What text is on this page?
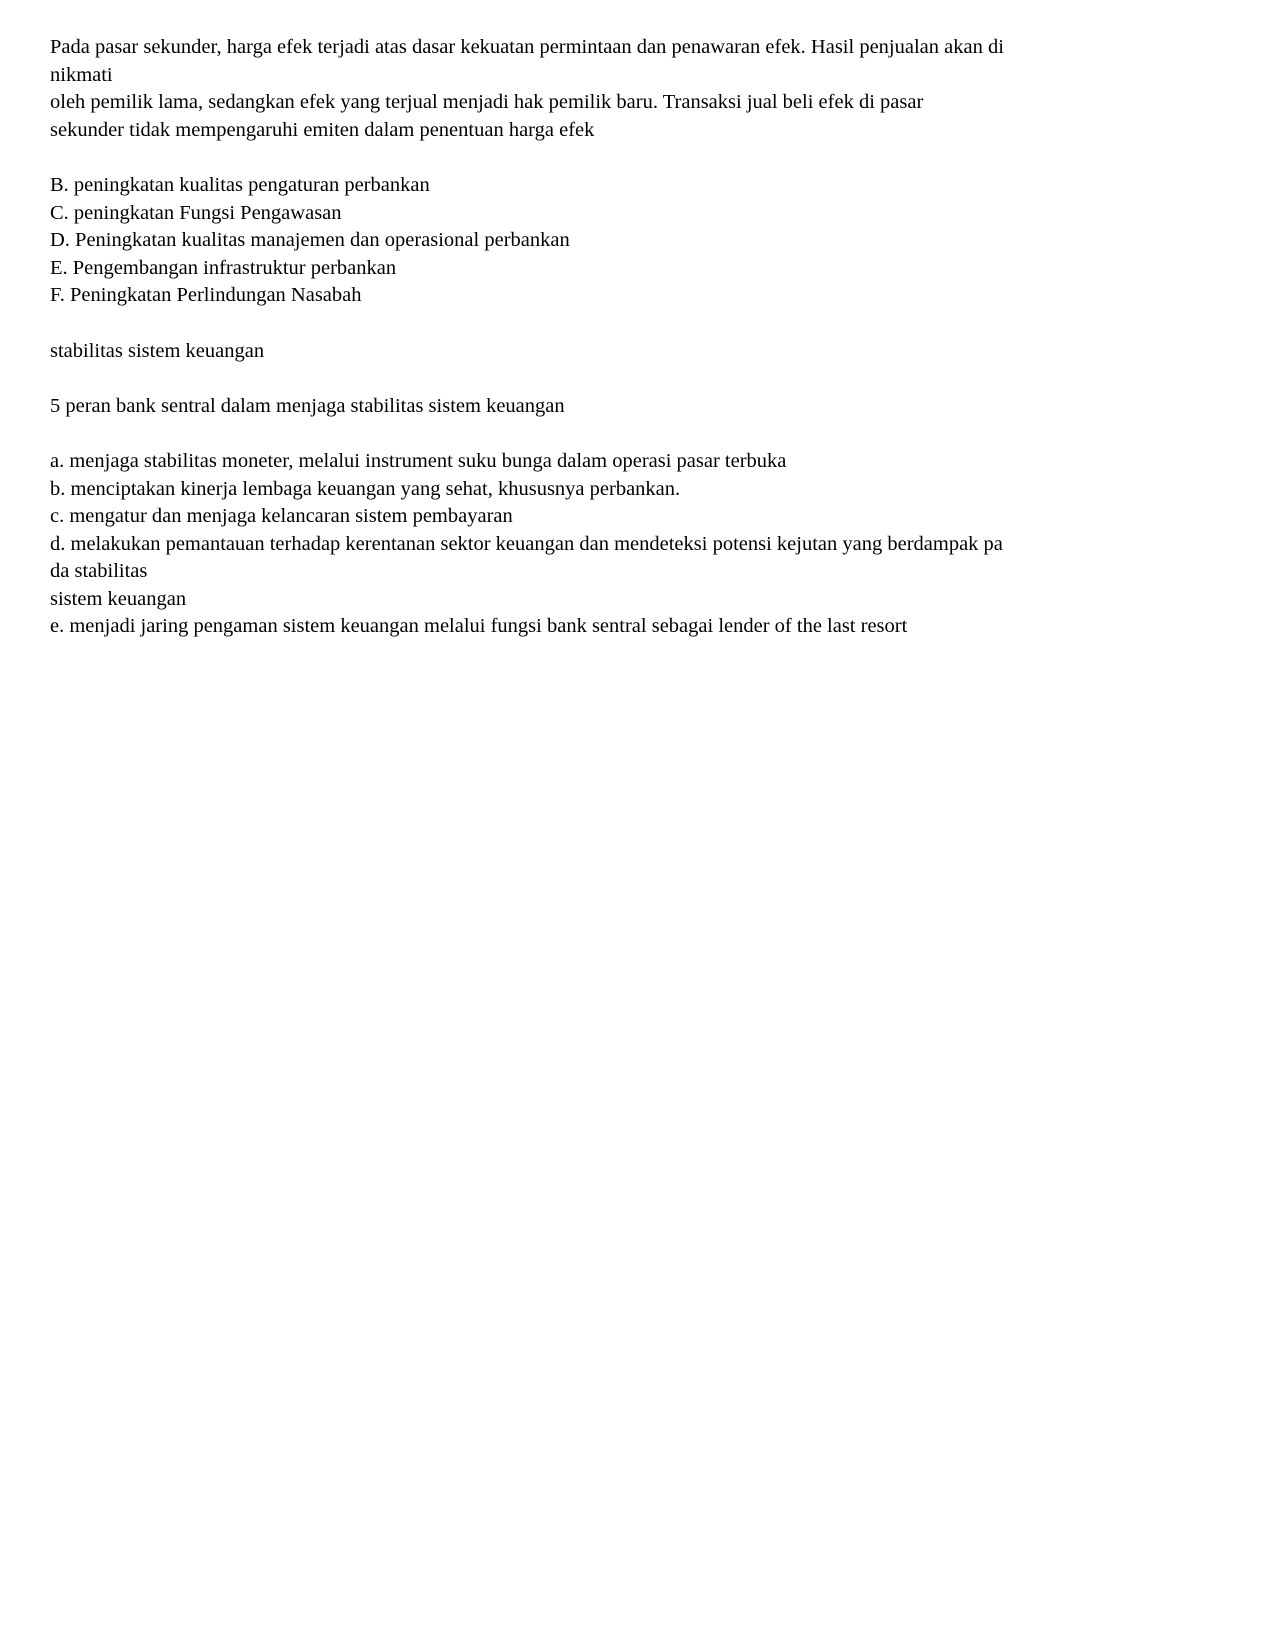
Pada pasar sekunder, harga efek terjadi atas dasar kekuatan permintaan dan penawaran efek. Hasil penjualan akan di
nikmati
oleh pemilik lama, sedangkan efek yang terjual menjadi hak pemilik baru. Transaksi jual beli efek di pasar
sekunder tidak mempengaruhi emiten dalam penentuan harga efek
B. peningkatan kualitas pengaturan perbankan
C. peningkatan Fungsi Pengawasan
D. Peningkatan kualitas manajemen dan operasional perbankan
E. Pengembangan infrastruktur perbankan
F. Peningkatan Perlindungan Nasabah
stabilitas sistem keuangan
5 peran bank sentral dalam menjaga stabilitas sistem keuangan
a. menjaga stabilitas moneter, melalui instrument suku bunga dalam operasi pasar terbuka
b. menciptakan kinerja lembaga keuangan yang sehat, khususnya perbankan.
c. mengatur dan menjaga kelancaran sistem pembayaran
d. melakukan pemantauan terhadap kerentanan sektor keuangan dan mendeteksi potensi kejutan yang berdampak pa
da stabilitas
sistem keuangan
e. menjadi jaring pengaman sistem keuangan melalui fungsi bank sentral sebagai lender of the last resort
